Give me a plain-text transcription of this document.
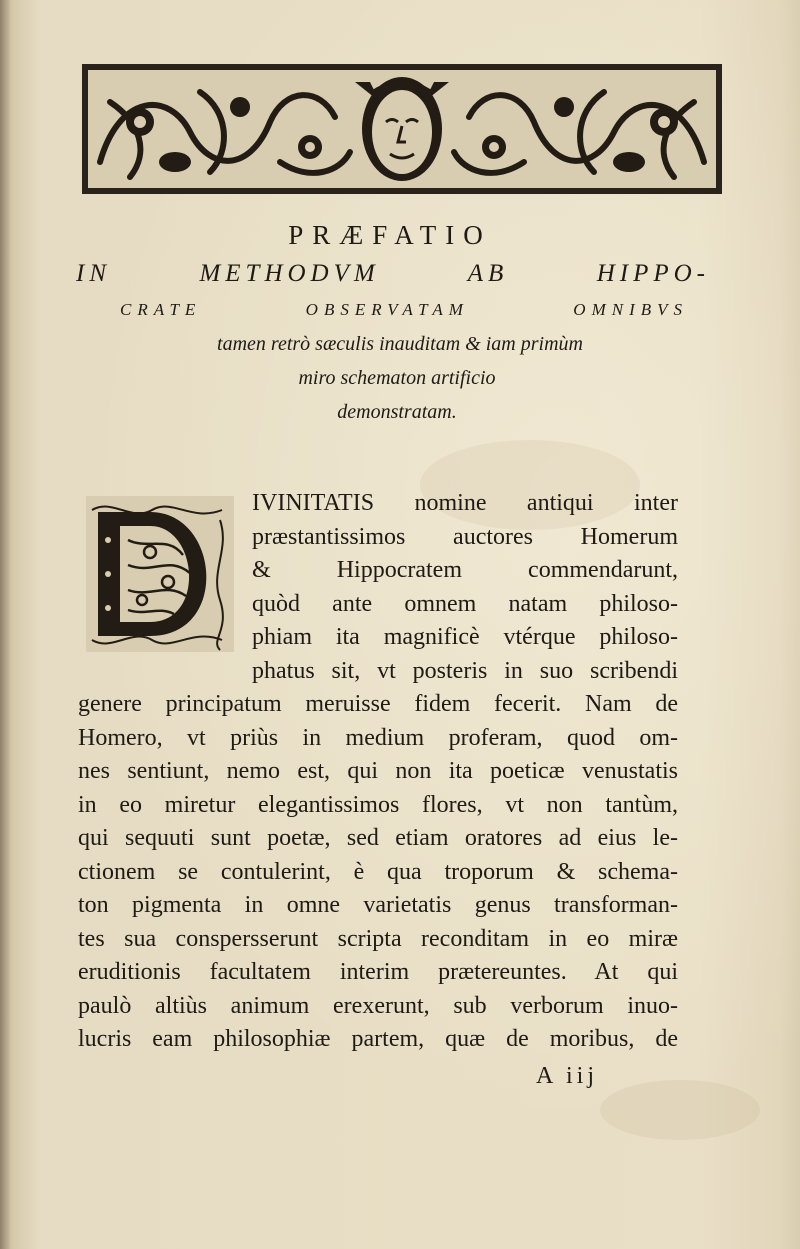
PRÆFATIO
IN METHODVM AB HIPPO-
CRATE OBSERVATAM OMNIBVS
tamen retrò sæculis inauditam & iam primùm
miro schematon artificio
demonstratam.
IVINITATIS nomine antiqui inter
præstantissimos auctores Homerum
& Hippocratem commendarunt,
quòd ante omnem natam philoso-
phiam ita magnificè vtérque philoso-
phatus sit, vt posteris in suo scribendi
genere principatum meruisse fidem fecerit. Nam de
Homero, vt priùs in medium proferam, quod om-
nes sentiunt, nemo est, qui non ita poeticæ venustatis
in eo miretur elegantissimos flores, vt non tantùm,
qui sequuti sunt poetæ, sed etiam oratores ad eius le-
ctionem se contulerint, è qua troporum & schema-
ton pigmenta in omne varietatis genus transforman-
tes sua conspersserunt scripta reconditam in eo miræ
eruditionis facultatem interim prætereuntes. At qui
paulò altiùs animum erexerunt, sub verborum inuo-
lucris eam philosophiæ partem, quæ de moribus, de
A iij
